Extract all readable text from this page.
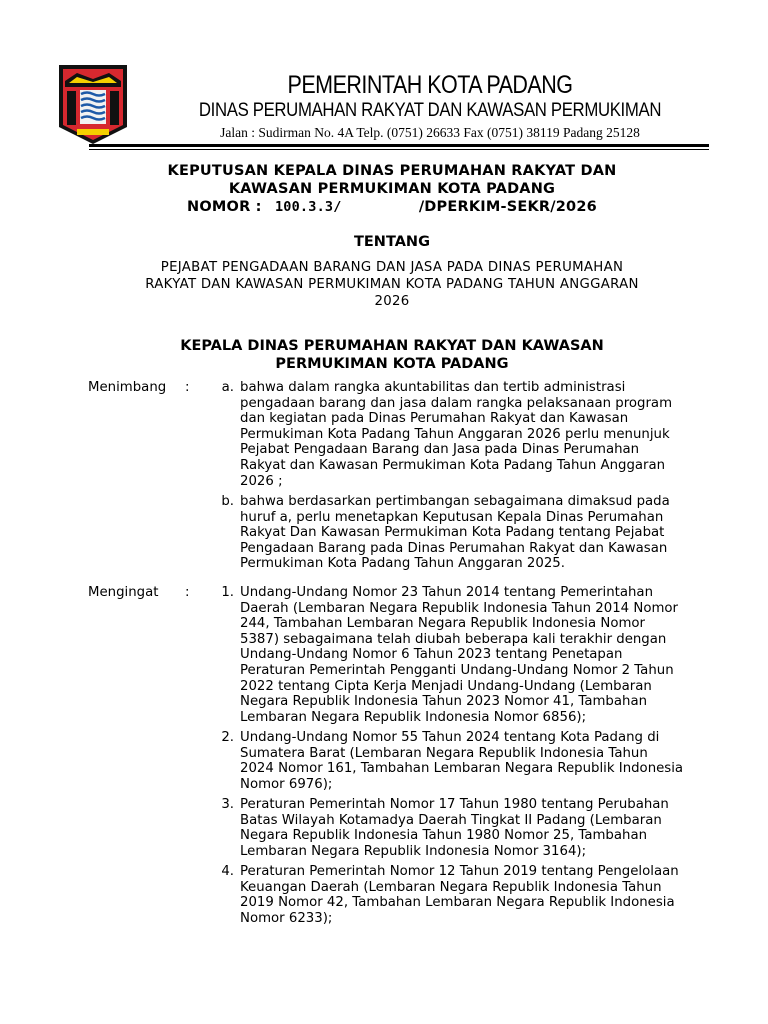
PEMERINTAH KOTA PADANG
DINAS PERUMAHAN RAKYAT DAN KAWASAN PERMUKIMAN
Jalan : Sudirman No. 4A Telp. (0751) 26633 Fax (0751) 38119 Padang 25128
KEPUTUSAN KEPALA DINAS PERUMAHAN RAKYAT DAN
KAWASAN PERMUKIMAN KOTA PADANG
NOMOR : 100.3.3/	/DPERKIM-SEKR/2026
TENTANG
PEJABAT PENGADAAN BARANG DAN JASA PADA DINAS PERUMAHAN
RAKYAT DAN KAWASAN PERMUKIMAN KOTA PADANG TAHUN ANGGARAN
2026
KEPALA DINAS PERUMAHAN RAKYAT DAN KAWASAN
PERMUKIMAN KOTA PADANG
Menimbang :	a. bahwa dalam rangka akuntabilitas dan tertib administrasi
pengadaan barang dan jasa dalam rangka pelaksanaan program
dan kegiatan pada Dinas Perumahan Rakyat dan Kawasan
Permukiman Kota Padang Tahun Anggaran 2026 perlu menunjuk
Pejabat Pengadaan Barang dan Jasa pada Dinas Perumahan
Rakyat dan Kawasan Permukiman Kota Padang Tahun Anggaran
2026 ;
b. bahwa berdasarkan pertimbangan sebagaimana dimaksud pada
huruf a, perlu menetapkan Keputusan Kepala Dinas Perumahan
Rakyat Dan Kawasan Permukiman Kota Padang tentang Pejabat
Pengadaan Barang pada Dinas Perumahan Rakyat dan Kawasan
Permukiman Kota Padang Tahun Anggaran 2025.
Mengingat :	1. Undang-Undang Nomor 23 Tahun 2014 tentang Pemerintahan
Daerah (Lembaran Negara Republik Indonesia Tahun 2014 Nomor
244, Tambahan Lembaran Negara Republik Indonesia Nomor
5387) sebagaimana telah diubah beberapa kali terakhir dengan
Undang-Undang Nomor 6 Tahun 2023 tentang Penetapan
Peraturan Pemerintah Pengganti Undang-Undang Nomor 2 Tahun
2022 tentang Cipta Kerja Menjadi Undang-Undang (Lembaran
Negara Republik Indonesia Tahun 2023 Nomor 41, Tambahan
Lembaran Negara Republik Indonesia Nomor 6856);
2. Undang-Undang Nomor 55 Tahun 2024 tentang Kota Padang di
Sumatera Barat (Lembaran Negara Republik Indonesia Tahun
2024 Nomor 161, Tambahan Lembaran Negara Republik Indonesia
Nomor 6976);
3. Peraturan Pemerintah Nomor 17 Tahun 1980 tentang Perubahan
Batas Wilayah Kotamadya Daerah Tingkat II Padang (Lembaran
Negara Republik Indonesia Tahun 1980 Nomor 25, Tambahan
Lembaran Negara Republik Indonesia Nomor 3164);
4. Peraturan Pemerintah Nomor 12 Tahun 2019 tentang Pengelolaan
Keuangan Daerah (Lembaran Negara Republik Indonesia Tahun
2019 Nomor 42, Tambahan Lembaran Negara Republik Indonesia
Nomor 6233);
